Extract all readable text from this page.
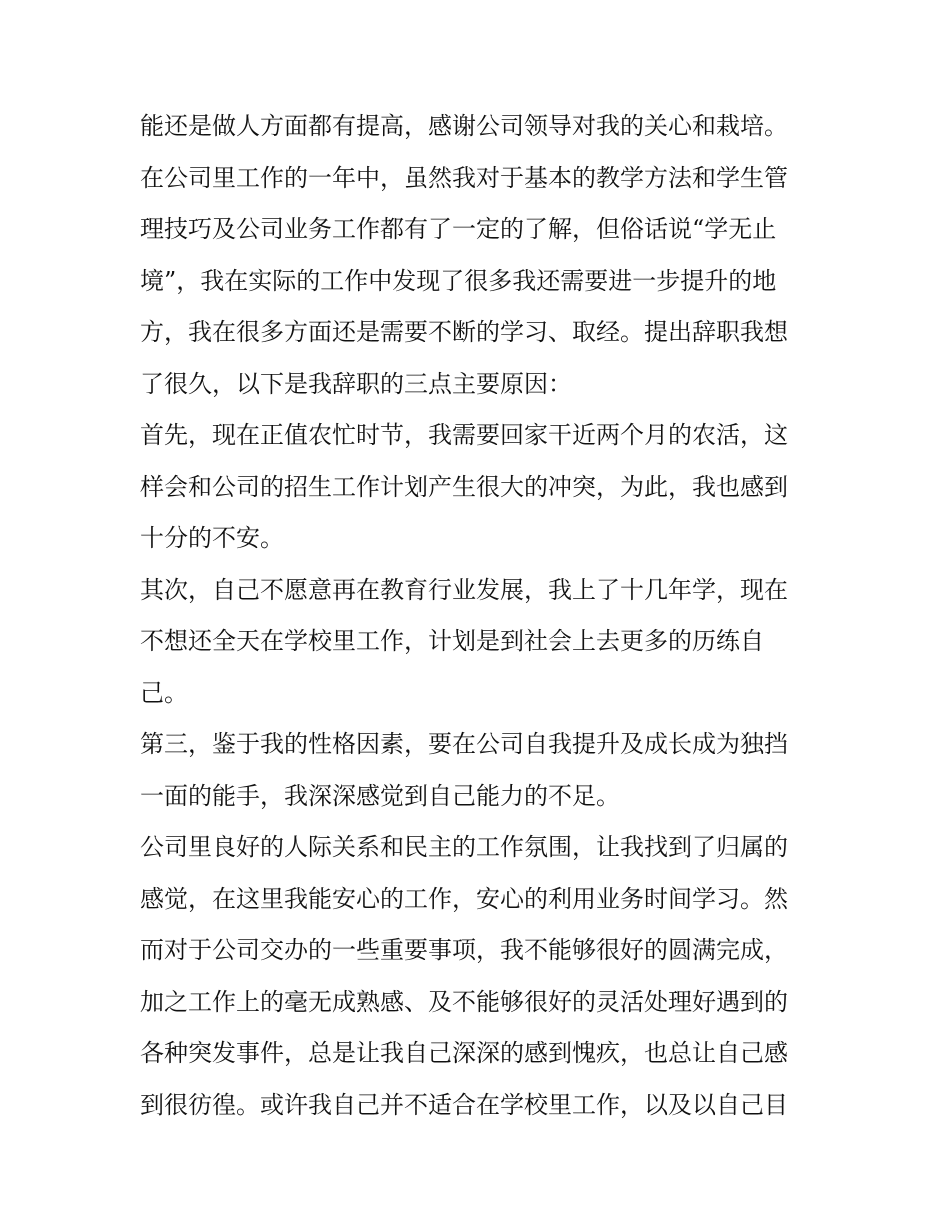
能还是做人方面都有提高，感谢公司领导对我的关心和栽培。
在公司里工作的一年中，虽然我对于基本的教学方法和学生管
理技巧及公司业务工作都有了一定的了解，但俗话说“学无止
境”，我在实际的工作中发现了很多我还需要进一步提升的地
方，我在很多方面还是需要不断的学习、取经。提出辞职我想
了很久，以下是我辞职的三点主要原因：
首先，现在正值农忙时节，我需要回家干近两个月的农活，这
样会和公司的招生工作计划产生很大的冲突，为此，我也感到
十分的不安。
其次，自己不愿意再在教育行业发展，我上了十几年学，现在
不想还全天在学校里工作，计划是到社会上去更多的历练自
己。
第三，鉴于我的性格因素，要在公司自我提升及成长成为独挡
一面的能手，我深深感觉到自己能力的不足。
公司里良好的人际关系和民主的工作氛围，让我找到了归属的
感觉，在这里我能安心的工作，安心的利用业务时间学习。然
而对于公司交办的一些重要事项，我不能够很好的圆满完成，
加之工作上的毫无成熟感、及不能够很好的灵活处理好遇到的
各种突发事件，总是让我自己深深的感到愧疚，也总让自己感
到很彷徨。或许我自己并不适合在学校里工作，以及以自己目
